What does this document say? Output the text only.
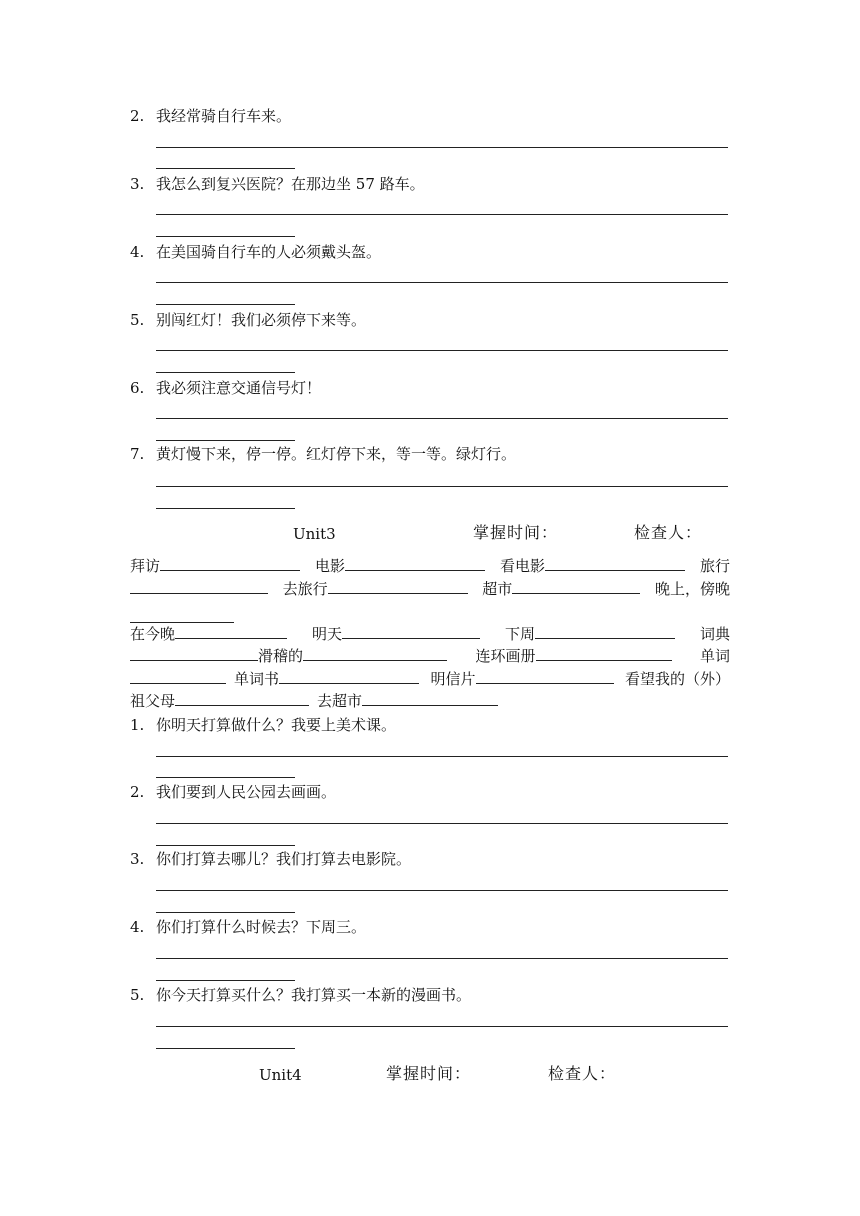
2. 我经常骑自行车来。
3. 我怎么到复兴医院？在那边坐 57 路车。
4. 在美国骑自行车的人必须戴头盔。
5. 别闯红灯！我们必须停下来等。
6. 我必须注意交通信号灯！
7. 黄灯慢下来，停一停。红灯停下来，等一等。绿灯行。
Unit3	掌握时间：	检查人：
拜访	电影	看电影	旅行
去旅行	超市	晚上，傍晚
在今晚	明天	下周	词典
滑稽的	连环画册	单词
单词书	明信片	看望我的（外）
祖父母	去超市
1. 你明天打算做什么？我要上美术课。
2. 我们要到人民公园去画画。
3. 你们打算去哪儿？我们打算去电影院。
4. 你们打算什么时候去？下周三。
5. 你今天打算买什么？我打算买一本新的漫画书。
Unit4	掌握时间：	检查人：
